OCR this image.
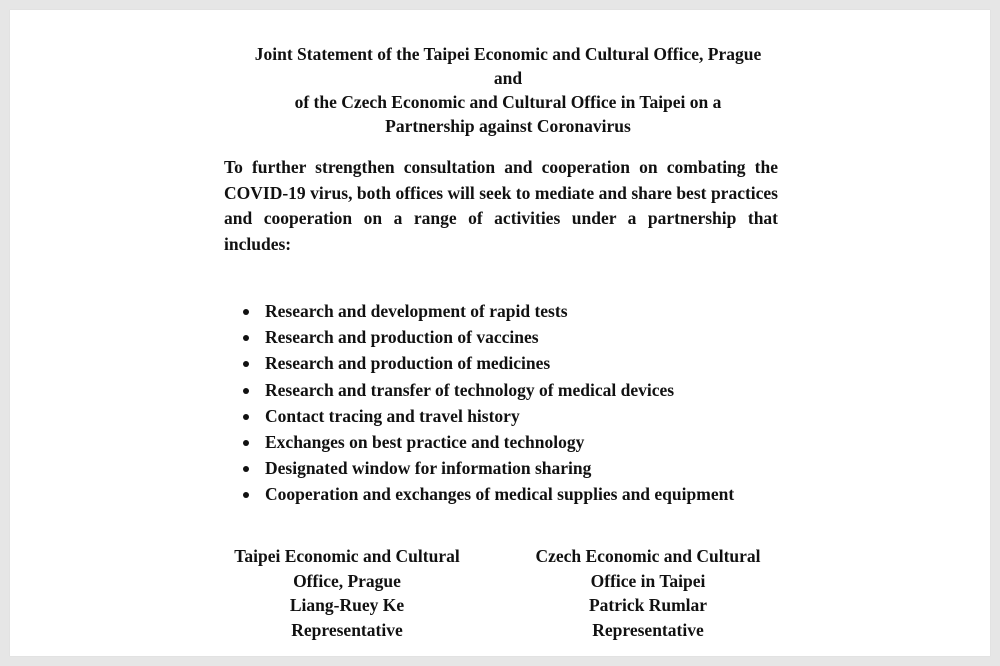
Joint Statement of the Taipei Economic and Cultural Office, Prague
and
of the Czech Economic and Cultural Office in Taipei on a
Partnership against Coronavirus
To further strengthen consultation and cooperation on combating the COVID-19 virus, both offices will seek to mediate and share best practices and cooperation on a range of activities under a partnership that includes:
Research and development of rapid tests
Research and production of vaccines
Research and production of medicines
Research and transfer of technology of medical devices
Contact tracing and travel history
Exchanges on best practice and technology
Designated window for information sharing
Cooperation and exchanges of medical supplies and equipment
Taipei Economic and Cultural
Office, Prague
Liang-Ruey Ke
Representative
Czech Economic and Cultural
Office in Taipei
Patrick Rumlar
Representative
